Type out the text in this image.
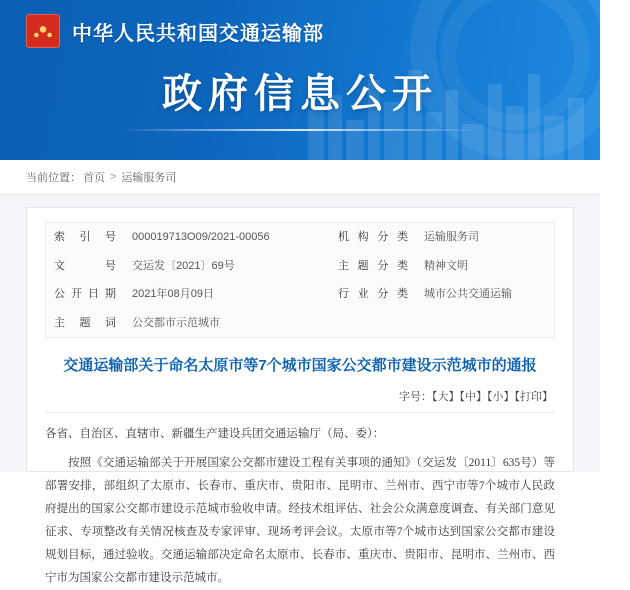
中华人民共和国交通运输部
政府信息公开
当前位置： 首页 > 运输服务司
索引号	000019713O09/2021-00056	机构分类	运输服务司
文号	交运发〔2021〕69号	主题分类	精神文明
公开日期	2021年08月09日	行业分类	城市公共交通运输
主题词	公交都市示范城市		
交通运输部关于命名太原市等7个城市国家公交都市建设示范城市的通报
字号：【大】【中】【小】【打印】

各省、自治区、直辖市、新疆生产建设兵团交通运输厅（局、委）：

按照《交通运输部关于开展国家公交都市建设工程有关事项的通知》（交运发〔2011〕635号）等部署安排，部组织了太原市、长春市、重庆市、贵阳市、昆明市、兰州市、西宁市等7个城市人民政府提出的国家公交都市建设示范城市验收申请。经技术组评估、社会公众满意度调查、有关部门意见征求、专项整改有关情况核查及专家评审、现场考评会议。太原市等7个城市达到国家公交都市建设规划目标，通过验收。交通运输部决定命名太原市、长春市、重庆市、贵阳市、昆明市、兰州市、西宁市为国家公交都市建设示范城市。
